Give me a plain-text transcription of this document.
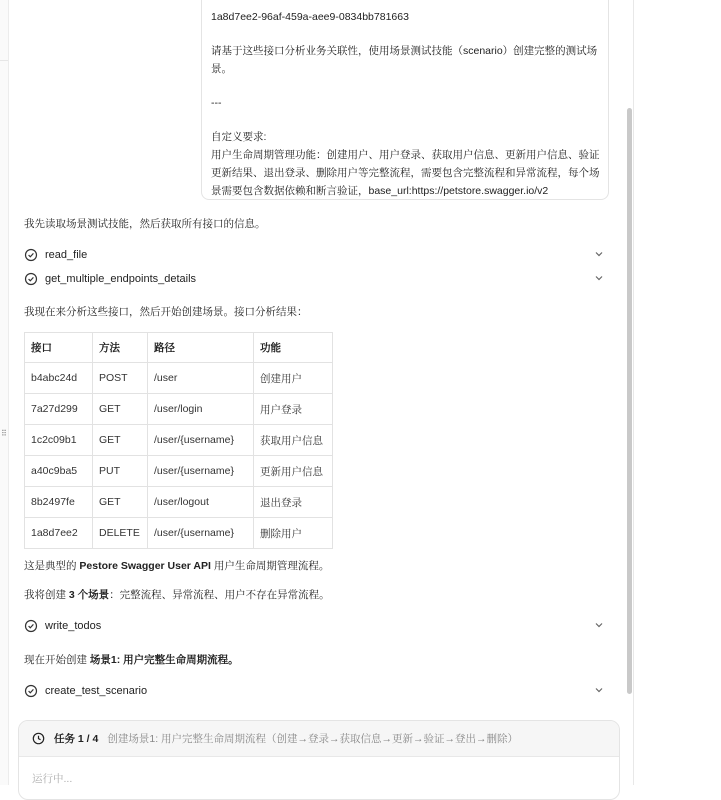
⠿

1a8d7ee2-96af-459a-aee9-0834bb781663

请基于这些接口分析业务关联性，使用场景测试技能（scenario）创建完整的测试场景。

---

自定义要求:

用户生命周期管理功能：创建用户、用户登录、获取用户信息、更新用户信息、验证更新结果、退出登录、删除用户等完整流程，需要包含完整流程和异常流程，每个场景需要包含数据依赖和断言验证，base_url:https://petstore.swagger.io/v2

我先读取场景测试技能，然后获取所有接口的信息。
read_file
get_multiple_endpoints_details
我现在来分析这些接口，然后开始创建场景。接口分析结果：
接口	方法	路径	功能
b4abc24d	POST	/user	创建用户
7a27d299	GET	/user/login	用户登录
1c2c09b1	GET	/user/{username}	获取用户信息
a40c9ba5	PUT	/user/{username}	更新用户信息
8b2497fe	GET	/user/logout	退出登录
1a8d7ee2	DELETE	/user/{username}	删除用户
这是典型的 Pestore Swagger User API 用户生命周期管理流程。
我将创建 3 个场景：完整流程、异常流程、用户不存在异常流程。
write_todos
现在开始创建 场景1: 用户完整生命周期流程。
create_test_scenario
任务 1 / 4 创建场景1: 用户完整生命周期流程（创建→登录→获取信息→更新→验证→登出→删除）
运行中...
